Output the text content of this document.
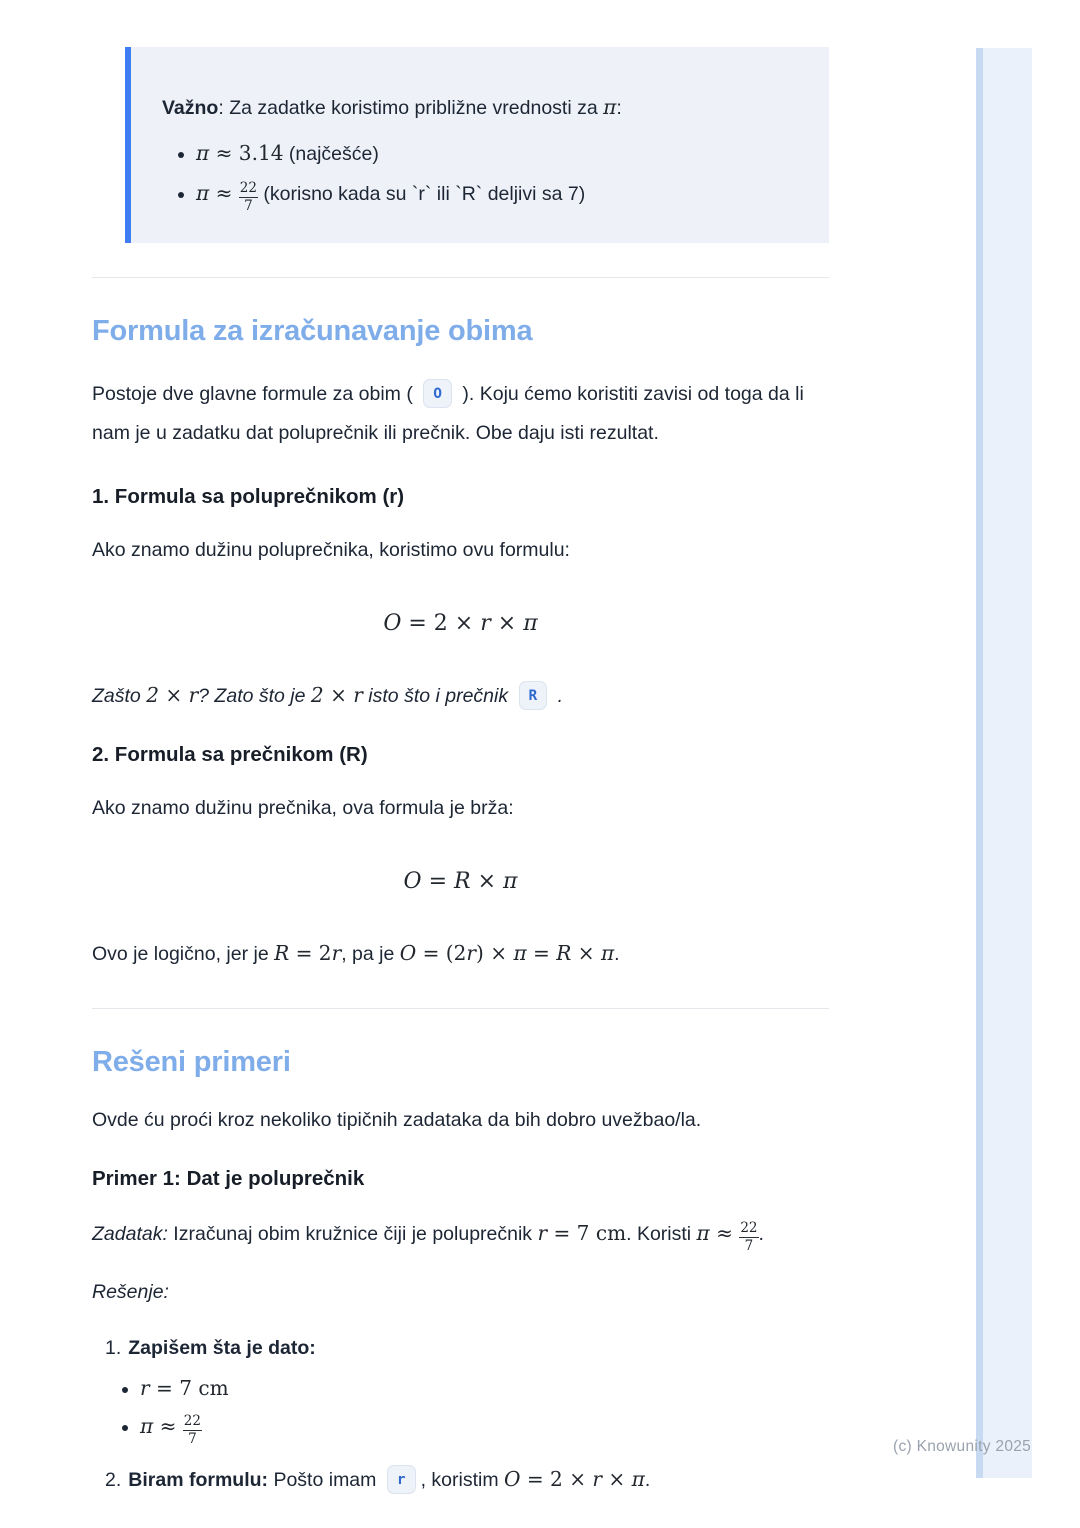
Važno: Za zadatke koristimo približne vrednosti za π:

• π ≈ 3.14 (najčešće)
• $\pi \approx \frac{22}{7}$ (korisno kada su `r` ili `R` deljivi sa 7)
Formula za izračunavanje obima

Postoje dve glavne formule za obim ( O ). Koju ćemo koristiti zavisi od toga da li nam je u zadatku dat poluprečnik ili prečnik. Obe daju isti rezultat.

1. Formula sa poluprečnikom (r)

Ako znamo dužinu poluprečnika, koristimo ovu formulu:

O = 2 × r × π

Zašto 2 × r? Zato što je 2 × r isto što i prečnik R .

2. Formula sa prečnikom (R)

Ako znamo dužinu prečnika, ova formula je brža:

O = R × π

Ovo je logično, jer je R = 2r, pa je O = (2r) × π = R × π.

Rešeni primeri

Ovde ću proći kroz nekoliko tipičnih zadataka da bih dobro uvežbao/la.

Primer 1: Dat je poluprečnik

Zadatak: Izračunaj obim kružnice čiji je poluprečnik r = 7 cm. Koristi $\pi \approx \frac{22}{7}$ .

Rešenje:

1. Zapišem šta je dato:
• r = 7 cm
• $\pi \approx \frac{22}{7}$
2. Biram formulu: Pošto imam r , koristim O = 2 × r × π.
(c) Knowunity 2025
